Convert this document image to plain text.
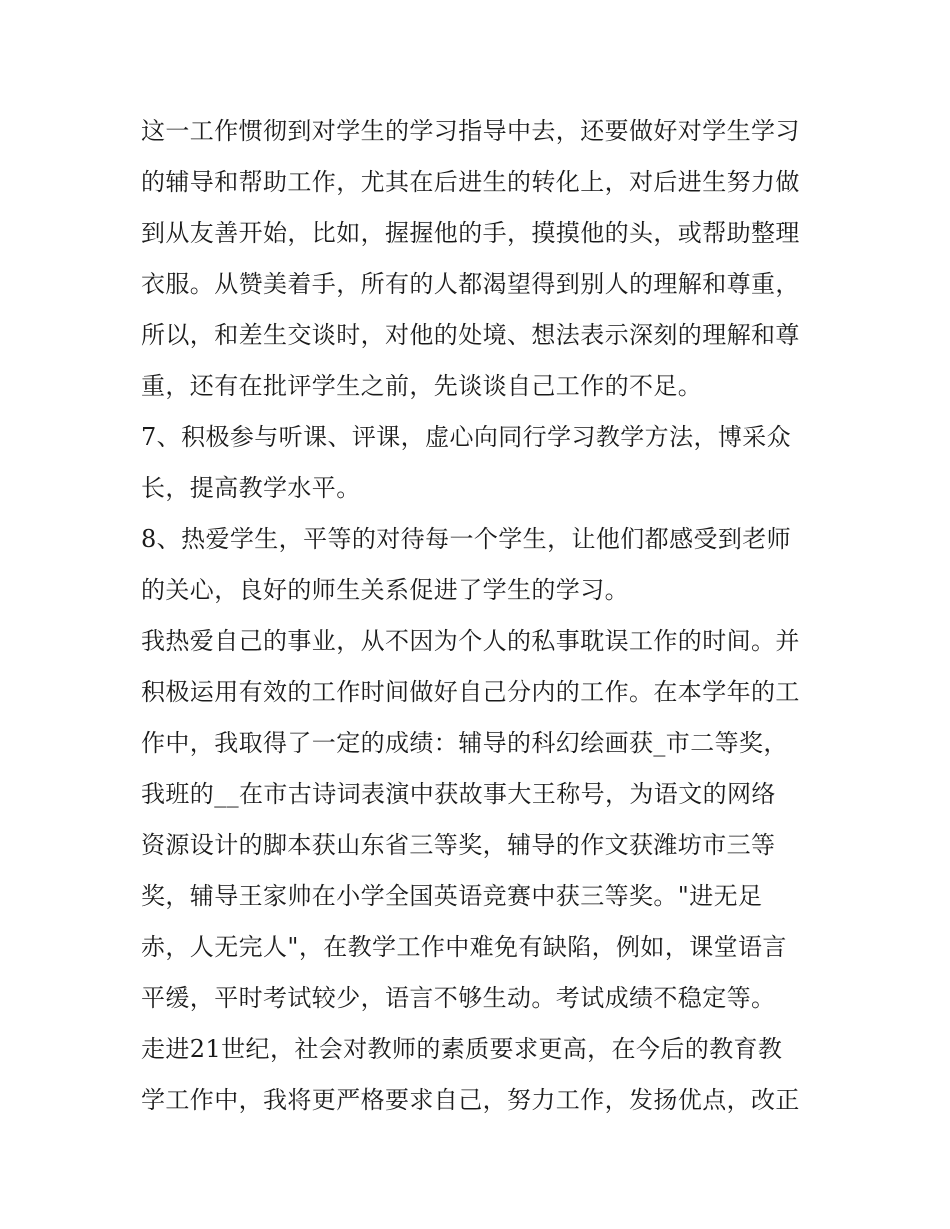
这一工作惯彻到对学生的学习指导中去，还要做好对学生学习
的辅导和帮助工作，尤其在后进生的转化上，对后进生努力做
到从友善开始，比如，握握他的手，摸摸他的头，或帮助整理
衣服。从赞美着手，所有的人都渴望得到别人的理解和尊重，
所以，和差生交谈时，对他的处境、想法表示深刻的理解和尊
重，还有在批评学生之前，先谈谈自己工作的不足。
7、积极参与听课、评课，虚心向同行学习教学方法，博采众
长，提高教学水平。
8、热爱学生，平等的对待每一个学生，让他们都感受到老师
的关心，良好的师生关系促进了学生的学习。
我热爱自己的事业，从不因为个人的私事耽误工作的时间。并
积极运用有效的工作时间做好自己分内的工作。在本学年的工
作中，我取得了一定的成绩：辅导的科幻绘画获_市二等奖，
我班的__在市古诗词表演中获故事大王称号，为语文的网络
资源设计的脚本获山东省三等奖，辅导的作文获潍坊市三等
奖，辅导王家帅在小学全国英语竞赛中获三等奖。"进无足
赤，人无完人"，在教学工作中难免有缺陷，例如，课堂语言
平缓，平时考试较少，语言不够生动。考试成绩不稳定等。
走进21世纪，社会对教师的素质要求更高，在今后的教育教
学工作中，我将更严格要求自己，努力工作，发扬优点，改正
